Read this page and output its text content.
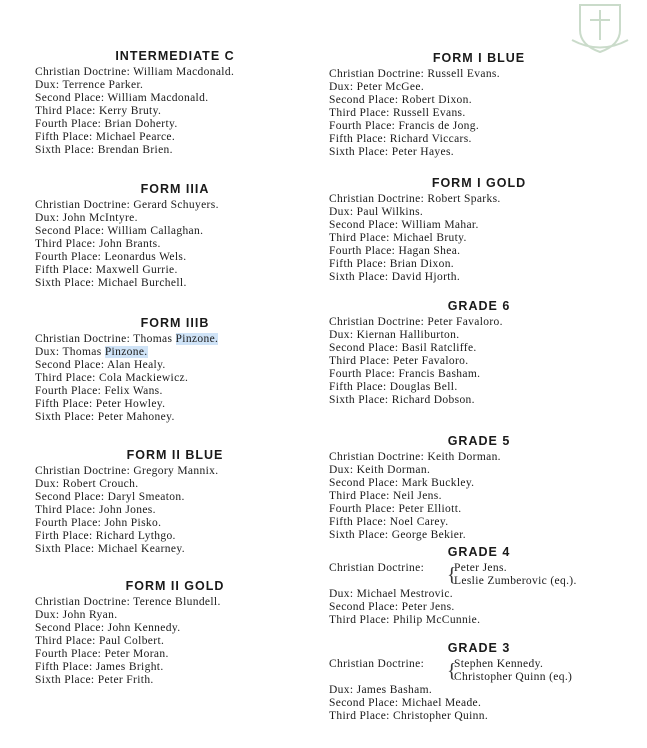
INTERMEDIATE C
Christian Doctrine: William Macdonald.
Dux: Terrence Parker.
Second Place: William Macdonald.
Third Place: Kerry Bruty.
Fourth Place: Brian Doherty.
Fifth Place: Michael Pearce.
Sixth Place: Brendan Brien.
FORM IIIA
Christian Doctrine: Gerard Schuyers.
Dux: John McIntyre.
Second Place: William Callaghan.
Third Place: John Brants.
Fourth Place: Leonardus Wels.
Fifth Place: Maxwell Gurrie.
Sixth Place: Michael Burchell.
FORM IIIB
Christian Doctrine: Thomas Pinzone.
Dux: Thomas Pinzone.
Second Place: Alan Healy.
Third Place: Cola Mackiewicz.
Fourth Place: Felix Wans.
Fifth Place: Peter Howley.
Sixth Place: Peter Mahoney.
FORM II BLUE
Christian Doctrine: Gregory Mannix.
Dux: Robert Crouch.
Second Place: Daryl Smeaton.
Third Place: John Jones.
Fourth Place: John Pisko.
Firth Place: Richard Lythgo.
Sixth Place: Michael Kearney.
FORM II GOLD
Christian Doctrine: Terence Blundell.
Dux: John Ryan.
Second Place: John Kennedy.
Third Place: Paul Colbert.
Fourth Place: Peter Moran.
Fifth Place: James Bright.
Sixth Place: Peter Frith.
FORM I BLUE
Christian Doctrine: Russell Evans.
Dux: Peter McGee.
Second Place: Robert Dixon.
Third Place: Russell Evans.
Fourth Place: Francis de Jong.
Fifth Place: Richard Viccars.
Sixth Place: Peter Hayes.
FORM I GOLD
Christian Doctrine: Robert Sparks.
Dux: Paul Wilkins.
Second Place: William Mahar.
Third Place: Michael Bruty.
Fourth Place: Hagan Shea.
Fifth Place: Brian Dixon.
Sixth Place: David Hjorth.
GRADE 6
Christian Doctrine: Peter Favaloro.
Dux: Kiernan Halliburton.
Second Place: Basil Ratcliffe.
Third Place: Peter Favaloro.
Fourth Place: Francis Basham.
Fifth Place: Douglas Bell.
Sixth Place: Richard Dobson.
GRADE 5
Christian Doctrine: Keith Dorman.
Dux: Keith Dorman.
Second Place: Mark Buckley.
Third Place: Neil Jens.
Fourth Place: Peter Elliott.
Fifth Place: Noel Carey.
Sixth Place: George Bekier.
GRADE 4
Christian Doctrine: {
Peter Jens.
Leslie Zumberovic (eq.).
Dux: Michael Mestrovic.
Second Place: Peter Jens.
Third Place: Philip McCunnie.
GRADE 3
Christian Doctrine: {
Stephen Kennedy.
Christopher Quinn (eq.)
Dux: James Basham.
Second Place: Michael Meade.
Third Place: Christopher Quinn.
